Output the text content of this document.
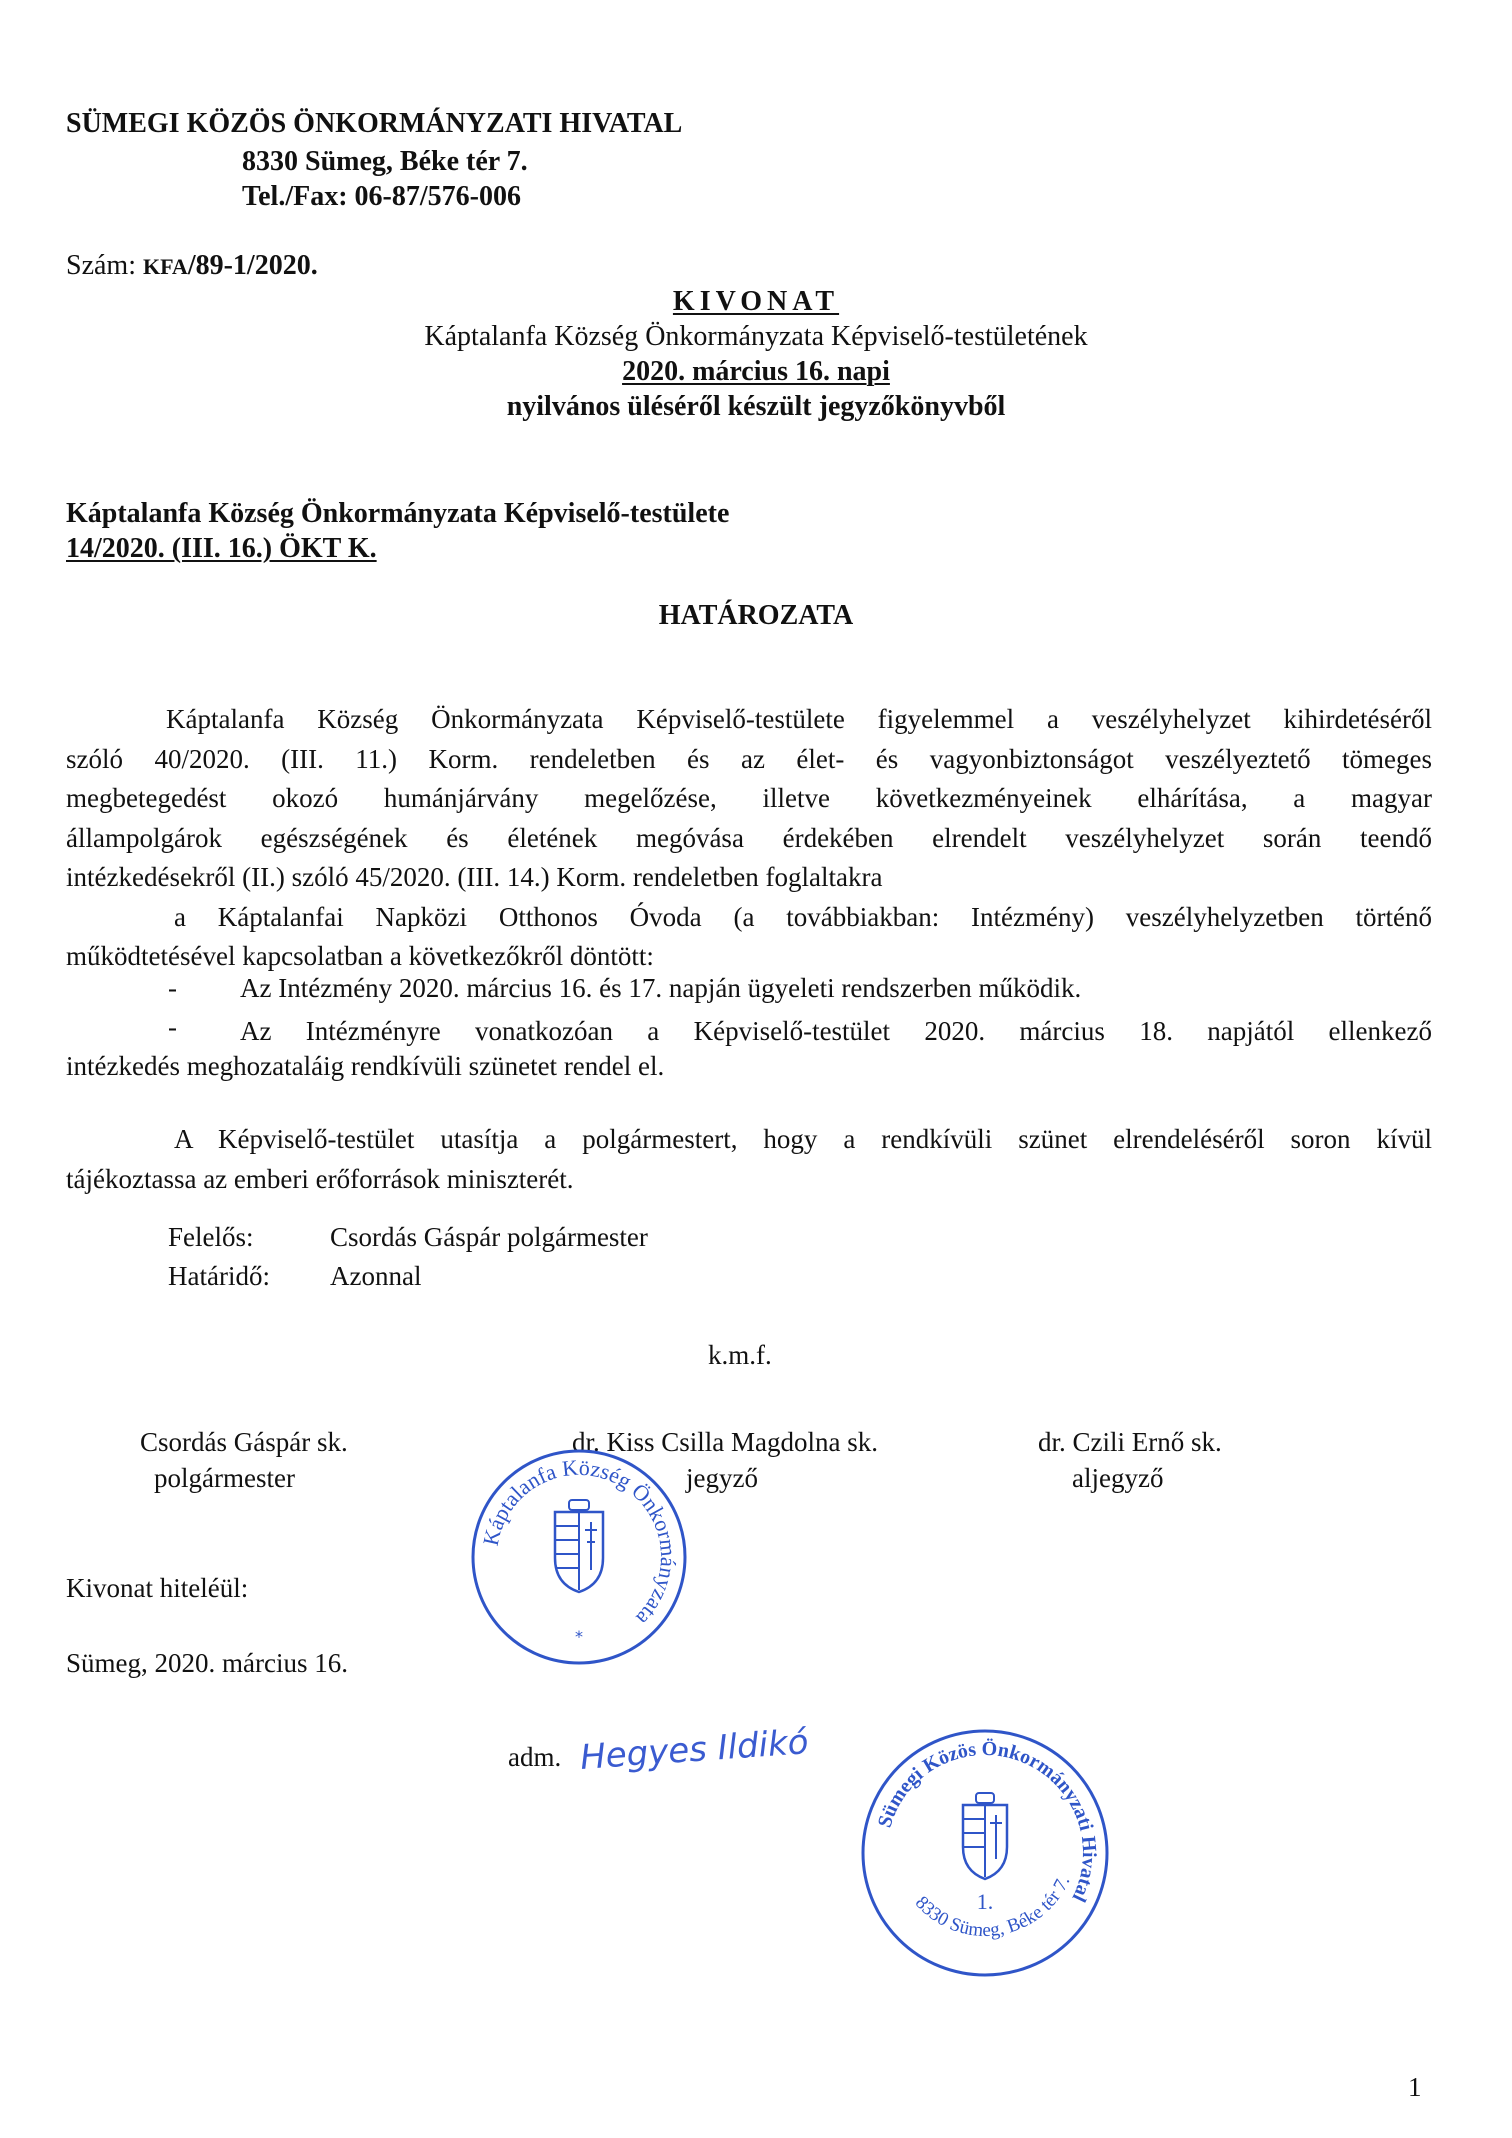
SÜMEGI KÖZÖS ÖNKORMÁNYZATI HIVATAL
8330 Sümeg, Béke tér 7.
Tel./Fax: 06-87/576-006
Szám: KFA/89-1/2020.
KIVONAT
Káptalanfa Község Önkormányzata Képviselő-testületének
2020. március 16. napi
nyilvános üléséről készült jegyzőkönyvből
Káptalanfa Község Önkormányzata Képviselő-testülete
14/2020. (III. 16.) ÖKT K.
HATÁROZATA
Káptalanfa Község Önkormányzata Képviselő-testülete figyelemmel a veszélyhelyzet kihirdetéséről
szóló 40/2020. (III. 11.) Korm. rendeletben és az élet- és vagyonbiztonságot veszélyeztető tömeges
megbetegedést okozó humánjárvány megelőzése, illetve következményeinek elhárítása, a magyar
állampolgárok egészségének és életének megóvása érdekében elrendelt veszélyhelyzet során teendő
intézkedésekről (II.) szóló 45/2020. (III. 14.) Korm. rendeletben foglaltakra
a Káptalanfai Napközi Otthonos Óvoda (a továbbiakban: Intézmény) veszélyhelyzetben történő
működtetésével kapcsolatban a következőkről döntött:
- Az Intézmény 2020. március 16. és 17. napján ügyeleti rendszerben működik.
- Az Intézményre vonatkozóan a Képviselő-testület 2020. március 18. napjától ellenkező
intézkedés meghozataláig rendkívüli szünetet rendel el.
A Képviselő-testület utasítja a polgármestert, hogy a rendkívüli szünet elrendeléséről soron kívül
tájékoztassa az emberi erőforrások miniszterét.
Felelős:	Csordás Gáspár polgármester
Határidő: Azonnal
k.m.f.
Csordás Gáspár sk.
polgármester
dr. Kiss Csilla Magdolna sk.
jegyző
dr. Czili Ernő sk.
aljegyző
Káptalanfa Község Önkormányzata
*
Kivonat hiteléül:
Sümeg, 2020. március 16.
adm. Hegyes Ildikó
Sümegi Közös Önkormányzati Hivatal
8330 Sümeg, Béke tér 7.
1.
1
